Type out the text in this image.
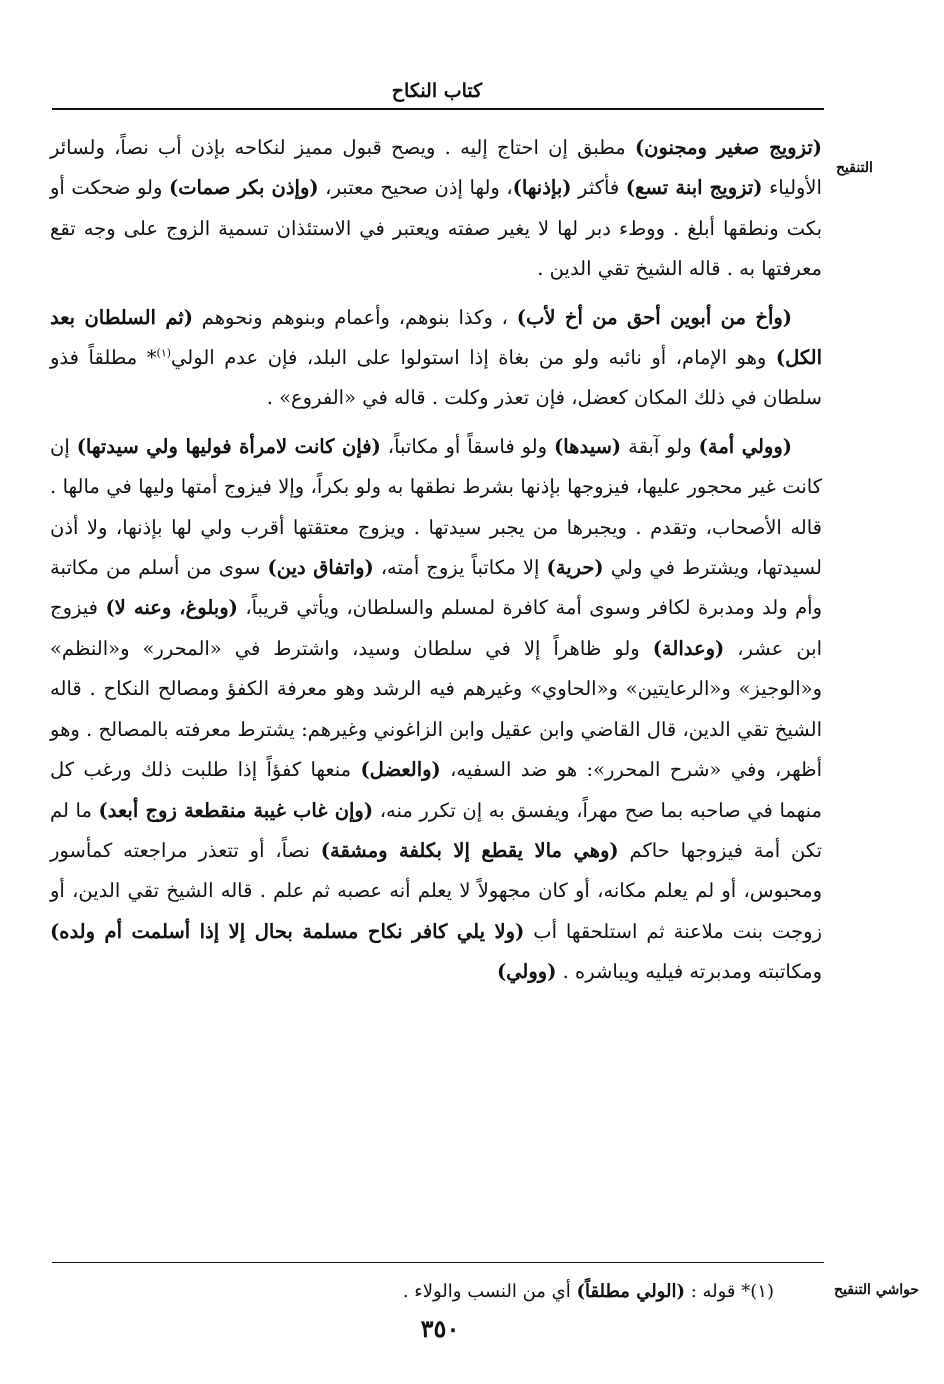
كتاب النكاح
التنقيح

(تزويج صغير ومجنون) مطبق إن احتاج إليه . ويصح قبول مميز لنكاحه بإذن أب نصاً، ولسائر الأولياء (تزويج ابنة تسع) فأكثر (بإذنها)، ولها إذن صحيح معتبر، (وإذن بكر صمات) ولو ضحكت أو بكت ونطقها أبلغ . ووطء دبر لها لا يغير صفته ويعتبر في الاستئذان تسمية الزوج على وجه تقع معرفتها به . قاله الشيخ تقي الدين .

(وأخ من أبوين أحق من أخ لأب) ، وكذا بنوهم، وأعمام وبنوهم ونحوهم (ثم السلطان بعد الكل) وهو الإمام، أو نائبه ولو من بغاة إذا استولوا على البلد، فإن عدم الولي$^{(١)}$* مطلقاً فذو سلطان في ذلك المكان كعضل، فإن تعذر وكلت . قاله في «الفروع» .

(وولي أمة) ولو آبقة (سيدها) ولو فاسقاً أو مكاتباً، (فإن كانت لامرأة فوليها ولي سيدتها) إن كانت غير محجور عليها، فيزوجها بإذنها بشرط نطقها به ولو بكراً، وإلا فيزوج أمتها وليها في مالها . قاله الأصحاب، وتقدم . ويجبرها من يجبر سيدتها . ويزوج معتقتها أقرب ولي لها بإذنها، ولا أذن لسيدتها، ويشترط في ولي (حرية) إلا مكاتباً يزوج أمته، (واتفاق دين) سوى من أسلم من مكاتبة وأم ولد ومدبرة لكافر وسوى أمة كافرة لمسلم والسلطان، ويأتي قريباً، (وبلوغ، وعنه لا) فيزوج ابن عشر، (وعدالة) ولو ظاهراً إلا في سلطان وسيد، واشترط في «المحرر» و«النظم» و«الوجيز» و«الرعايتين» و«الحاوي» وغيرهم فيه الرشد وهو معرفة الكفؤ ومصالح النكاح . قاله الشيخ تقي الدين، قال القاضي وابن عقيل وابن الزاغوني وغيرهم: يشترط معرفته بالمصالح . وهو أظهر، وفي «شرح المحرر»: هو ضد السفيه، (والعضل) منعها كفؤاً إذا طلبت ذلك ورغب كل منهما في صاحبه بما صح مهراً، ويفسق به إن تكرر منه، (وإن غاب غيبة منقطعة زوج أبعد) ما لم تكن أمة فيزوجها حاكم (وهي مالا يقطع إلا بكلفة ومشقة) نصاً، أو تتعذر مراجعته كمأسور ومحبوس، أو لم يعلم مكانه، أو كان مجهولاً لا يعلم أنه عصبه ثم علم . قاله الشيخ تقي الدين، أو زوجت بنت ملاعنة ثم استلحقها أب (ولا يلي كافر نكاح مسلمة بحال إلا إذا أسلمت أم ولده) ومكاتبته ومدبرته فيليه ويباشره . (وولي)

حواشي التنقيح
(١)* قوله : (الولي مطلقاً) أي من النسب والولاء .
٣٥٠
